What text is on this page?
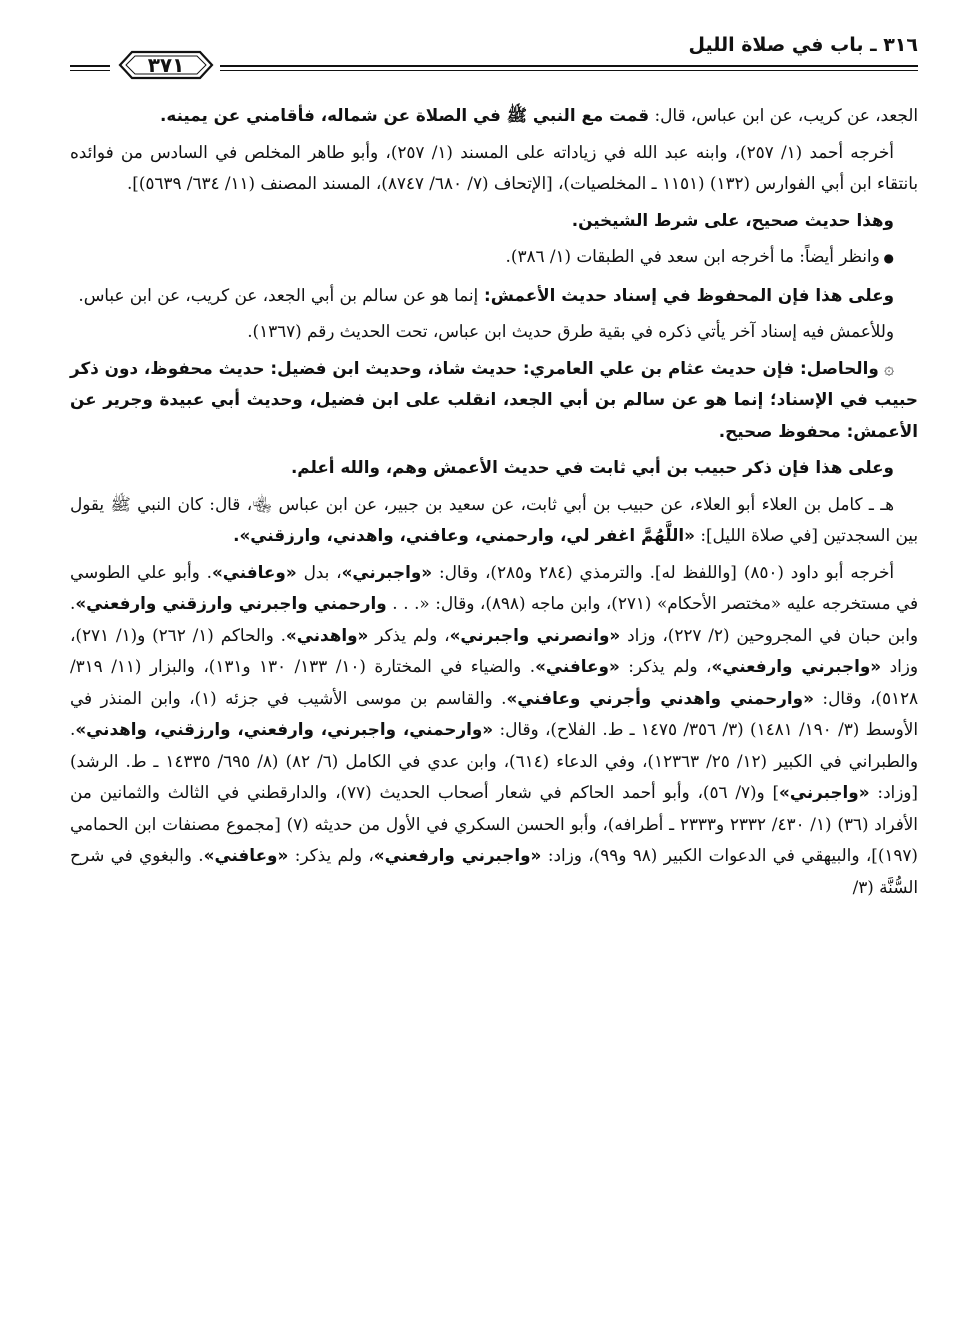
٣١٦ ـ باب في صلاة الليل
٣٧١

الجعد، عن كريب، عن ابن عباس، قال: قمت مع النبي ﷺ في الصلاة عن شماله، فأقامني عن يمينه.

أخرجه أحمد (١/ ٢٥٧)، وابنه عبد الله في زياداته على المسند (١/ ٢٥٧)، وأبو طاهر المخلص في السادس من فوائده بانتقاء ابن أبي الفوارس (١٣٢) (١١٥١ ـ المخلصيات)، [الإتحاف (٧/ ٦٨٠/ ٨٧٤٧)، المسند المصنف (١١/ ٦٣٤/ ٥٦٣٩)].

وهذا حديث صحيح، على شرط الشيخين.

● وانظر أيضاً: ما أخرجه ابن سعد في الطبقات (١/ ٣٨٦).

وعلى هذا فإن المحفوظ في إسناد حديث الأعمش: إنما هو عن سالم بن أبي الجعد، عن كريب، عن ابن عباس.

وللأعمش فيه إسناد آخر يأتي ذكره في بقية طرق حديث ابن عباس، تحت الحديث رقم (١٣٦٧).

۞ والحاصل: فإن حديث عثام بن علي العامري: حديث شاذ، وحديث ابن فضيل: حديث محفوظ، دون ذكر حبيب في الإسناد؛ إنما هو عن سالم بن أبي الجعد، انقلب على ابن فضيل، وحديث أبي عبيدة وجرير عن الأعمش: محفوظ صحيح.

وعلى هذا فإن ذكر حبيب بن أبي ثابت في حديث الأعمش وهم، والله أعلم.

هـ ـ كامل بن العلاء أبو العلاء، عن حبيب بن أبي ثابت، عن سعيد بن جبير، عن ابن عباس ﵄، قال: كان النبي ﷺ يقول بين السجدتين [في صلاة الليل]: «اللَّهُمَّ اغفر لي، وارحمني، وعافني، واهدني، وارزقني».

أخرجه أبو داود (٨٥٠) [واللفظ له]. والترمذي (٢٨٤ و٢٨٥)، وقال: «واجبرني»، بدل «وعافني». وأبو علي الطوسي في مستخرجه عليه «مختصر الأحكام» (٢٧١)، وابن ماجه (٨٩٨)، وقال: «. . . وارحمني واجبرني وارزقني وارفعني». وابن حبان في المجروحين (٢/ ٢٢٧)، وزاد «وانصرني واجبرني»، ولم يذكر «واهدني». والحاكم (١/ ٢٦٢) و(١/ ٢٧١)، وزاد «واجبرني وارفعني»، ولم يذكر: «وعافني». والضياء في المختارة (١٠/ ١٣٣/ ١٣٠ و١٣١)، والبزار (١١/ ٣١٩/ ٥١٢٨)، وقال: «وارحمني واهدني وأجرني وعافني». والقاسم بن موسى الأشيب في جزئه (١)، وابن المنذر في الأوسط (٣/ ١٩٠/ ١٤٨١) (٣/ ٣٥٦/ ١٤٧٥ ـ ط. الفلاح)، وقال: «وارحمني، واجبرني، وارفعني، وارزقني، واهدني». والطبراني في الكبير (١٢/ ٢٥/ ١٢٣٦٣)، وفي الدعاء (٦١٤)، وابن عدي في الكامل (٦/ ٨٢) (٨/ ٦٩٥/ ١٤٣٣٥ ـ ط. الرشد) [وزاد: «واجبرني»] و(٧/ ٥٦)، وأبو أحمد الحاكم في شعار أصحاب الحديث (٧٧)، والدارقطني في الثالث والثمانين من الأفراد (٣٦) (١/ ٤٣٠/ ٢٣٣٢ و٢٣٣٣ ـ أطرافه)، وأبو الحسن السكري في الأول من حديثه (٧) [مجموع مصنفات ابن الحمامي (١٩٧)]، والبيهقي في الدعوات الكبير (٩٨ و٩٩)، وزاد: «واجبرني وارفعني»، ولم يذكر: «وعافني». والبغوي في شرح السُّنَّة (٣/
